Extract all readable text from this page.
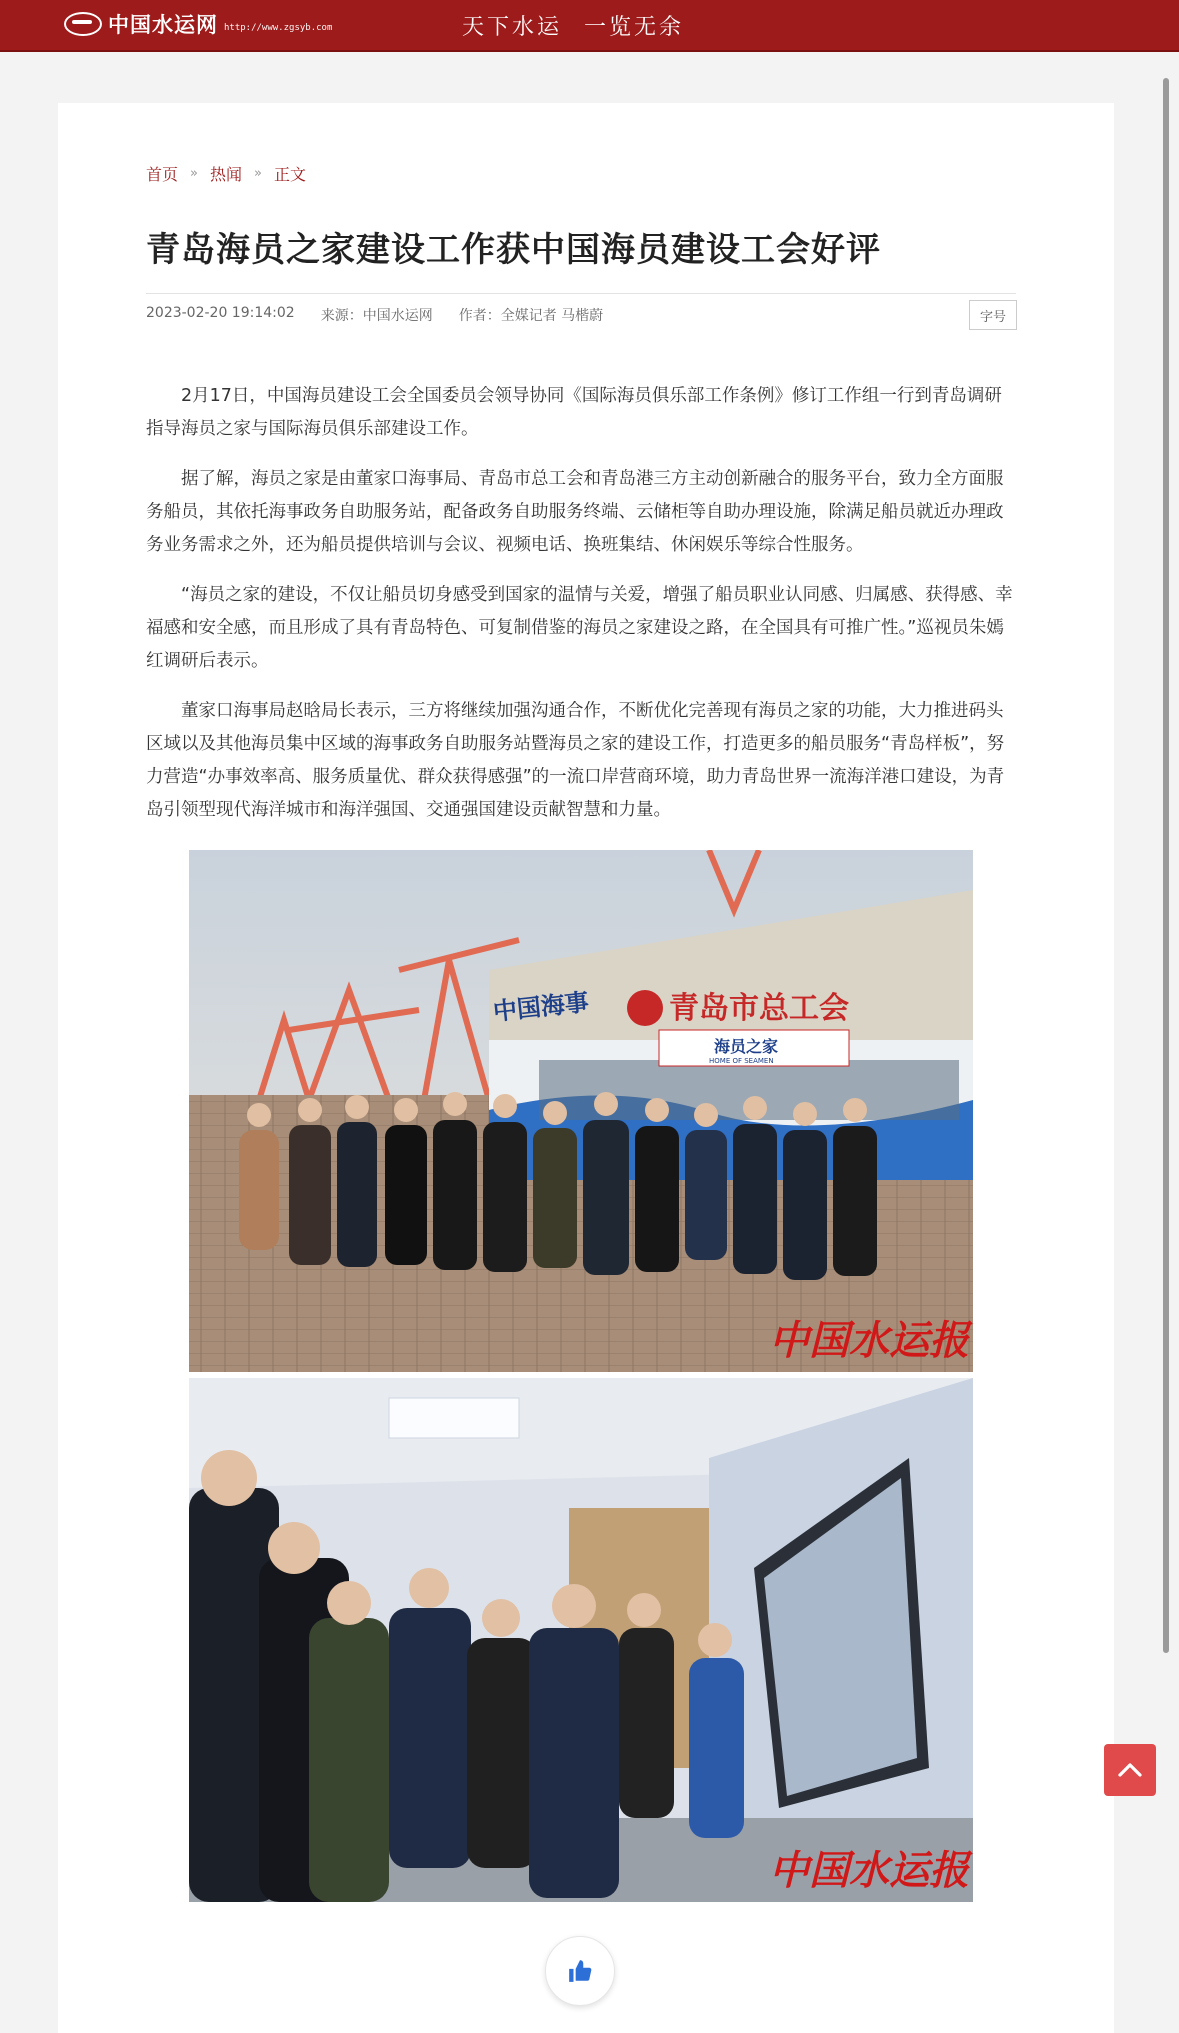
中国水运网 http://www.zgsyb.com	天下水运 一览无余
首页 » 热闻 » 正文
青岛海员之家建设工作获中国海员建设工会好评
2023-02-20 19:14:02 来源：中国水运网 作者：全媒记者 马楷蔚	字号

2月17日，中国海员建设工会全国委员会领导协同《国际海员俱乐部工作条例》修订工作组一行到青岛调研指导海员之家与国际海员俱乐部建设工作。

据了解，海员之家是由董家口海事局、青岛市总工会和青岛港三方主动创新融合的服务平台，致力全方面服务船员，其依托海事政务自助服务站，配备政务自助服务终端、云储柜等自助办理设施，除满足船员就近办理政务业务需求之外，还为船员提供培训与会议、视频电话、换班集结、休闲娱乐等综合性服务。

“海员之家的建设，不仅让船员切身感受到国家的温情与关爱，增强了船员职业认同感、归属感、获得感、幸福感和安全感，而且形成了具有青岛特色、可复制借鉴的海员之家建设之路，在全国具有可推广性。”巡视员朱嫣红调研后表示。

董家口海事局赵晗局长表示，三方将继续加强沟通合作，不断优化完善现有海员之家的功能，大力推进码头区域以及其他海员集中区域的海事政务自助服务站暨海员之家的建设工作，打造更多的船员服务“青岛样板”，努力营造“办事效率高、服务质量优、群众获得感强”的一流口岸营商环境，助力青岛世界一流海洋港口建设，为青岛引领型现代海洋城市和海洋强国、交通强国建设贡献智慧和力量。

青岛市总工会
中国海事
海员之家
HOME OF SEAMEN
中国水运报
中国水运报
